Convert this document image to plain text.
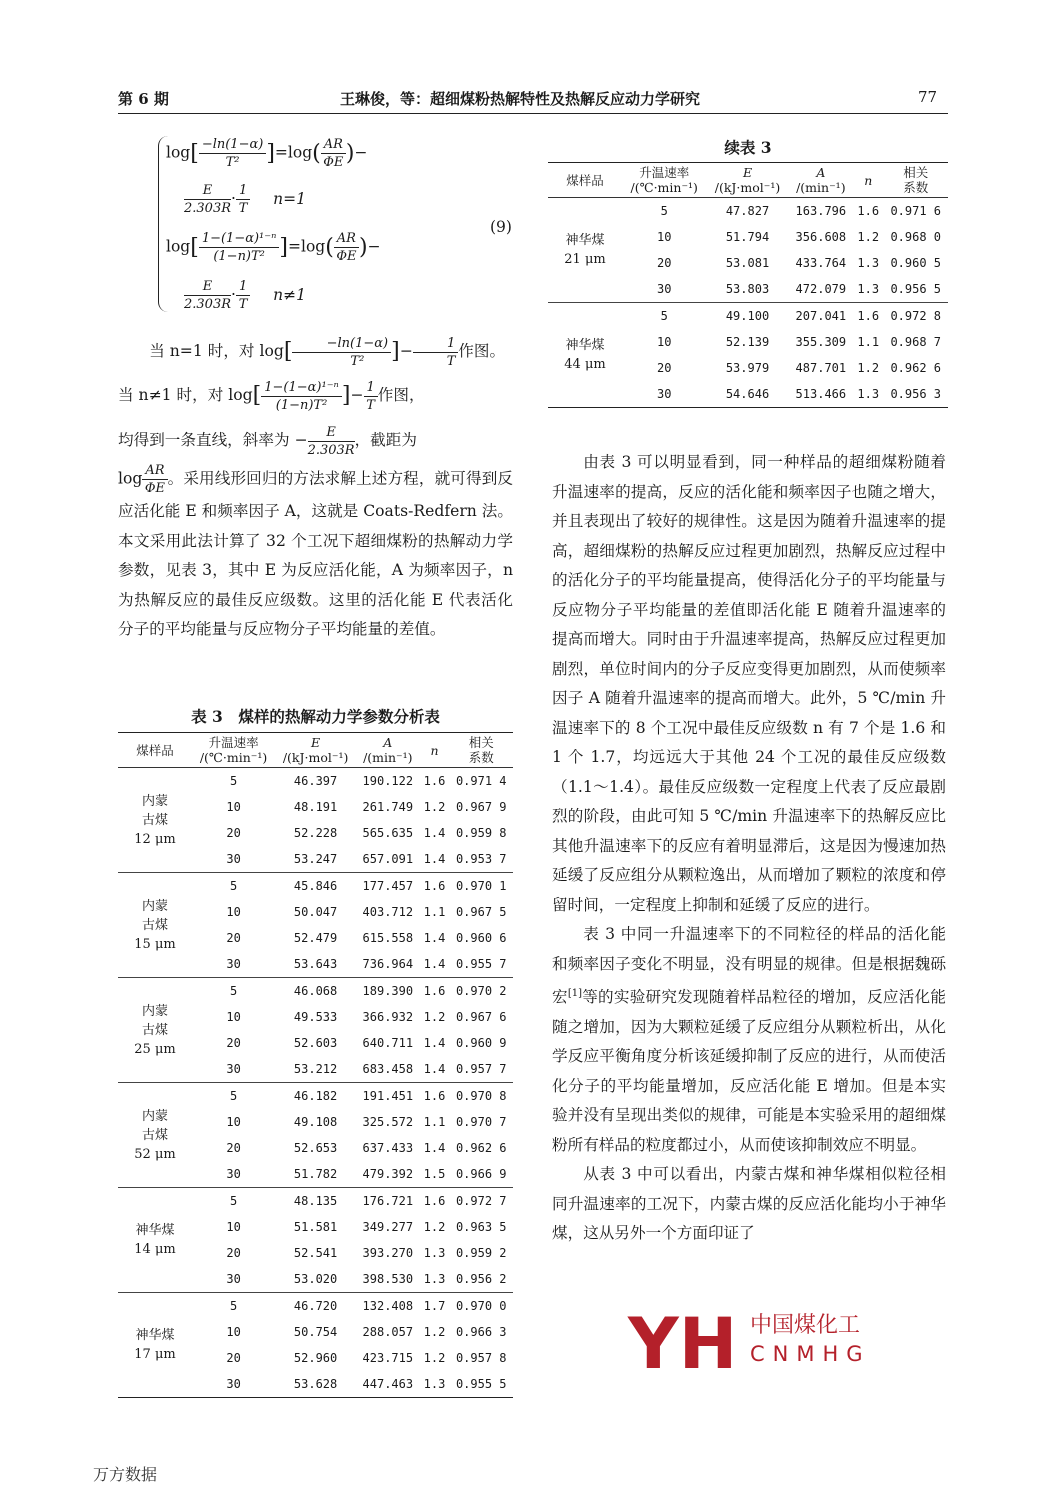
第 6 期	王琳俊，等：超细煤粉热解特性及热解反应动力学研究	77
$\log[ \frac{-\ln(1-\alpha)}{\text{T²}} ]=\log( \frac{AR}{\Phi E}$ )−
$\frac{E}{2.303R} \cdot \frac{1}{T} n=1$
(9)
$\log[ \frac{\text{1−(1−α)¹⁻ⁿ}}{\text{(1−n)T²}} ]=\log( \frac{AR}{\Phi E}$ )−
$\frac{E}{2.303R} \cdot \frac{1}{T} n\ne 1$

当 n=1 时，对 $\log[ \frac{-\ln(1-\alpha)}{\text{T²}}$ ]− $\frac{1}{T}$ 作图。

当 n≠1 时，对 $\log[ \frac{\text{1−(1−α)¹⁻ⁿ}}{\text{(1−n)T²}}$ ]− $\frac{1}{T}$ 作图，

均得到一条直线，斜率为 − $\frac{E}{2.303R}$ ，截距为

$\log \frac{AR}{\Phi E}$ 。采用线形回归的方法求解上述方程，就可得到反应活化能 E 和频率因子 A，这就是 Coats-Redfern 法。本文采用此法计算了 32 个工况下超细煤粉的热解动力学参数，见表 3，其中 E 为反应活化能，A 为频率因子，n 为热解反应的最佳反应级数。这里的活化能 E 代表活化分子的平均能量与反应物分子平均能量的差值。

表 3　煤样的热解动力学参数分析表
煤样品	升温速率
/(℃·min⁻¹)	E
/(kJ·mol⁻¹)	A
/(min⁻¹)	n	相关
系数
内蒙
古煤
12 μm	5	46.397	190.122	1.6	0.971 4
	10	48.191	261.749	1.2	0.967 9
	20	52.228	565.635	1.4	0.959 8
	30	53.247	657.091	1.4	0.953 7
内蒙
古煤
15 μm	5	45.846	177.457	1.6	0.970 1
	10	50.047	403.712	1.1	0.967 5
	20	52.479	615.558	1.4	0.960 6
	30	53.643	736.964	1.4	0.955 7
内蒙
古煤
25 μm	5	46.068	189.390	1.6	0.970 2
	10	49.533	366.932	1.2	0.967 6
	20	52.603	640.711	1.4	0.960 9
	30	53.212	683.458	1.4	0.957 7
内蒙
古煤
52 μm	5	46.182	191.451	1.6	0.970 8
	10	49.108	325.572	1.1	0.970 7
	20	52.653	637.433	1.4	0.962 6
	30	51.782	479.392	1.5	0.966 9
神华煤
14 μm	5	48.135	176.721	1.6	0.972 7
	10	51.581	349.277	1.2	0.963 5
	20	52.541	393.270	1.3	0.959 2
	30	53.020	398.530	1.3	0.956 2
神华煤
17 μm	5	46.720	132.408	1.7	0.970 0
	10	50.754	288.057	1.2	0.966 3
	20	52.960	423.715	1.2	0.957 8
	30	53.628	447.463	1.3	0.955 5
续表 3
煤样品	升温速率
/(℃·min⁻¹)	E
/(kJ·mol⁻¹)	A
/(min⁻¹)	n	相关
系数
神华煤
21 μm	5	47.827	163.796	1.6	0.971 6
	10	51.794	356.608	1.2	0.968 0
	20	53.081	433.764	1.3	0.960 5
	30	53.803	472.079	1.3	0.956 5
神华煤
44 μm	5	49.100	207.041	1.6	0.972 8
	10	52.139	355.309	1.1	0.968 7
	20	53.979	487.701	1.2	0.962 6
	30	54.646	513.466	1.3	0.956 3

由表 3 可以明显看到，同一种样品的超细煤粉随着升温速率的提高，反应的活化能和频率因子也随之增大，并且表现出了较好的规律性。这是因为随着升温速率的提高，超细煤粉的热解反应过程更加剧烈，热解反应过程中的活化分子的平均能量提高，使得活化分子的平均能量与反应物分子平均能量的差值即活化能 E 随着升温速率的提高而增大。同时由于升温速率提高，热解反应过程更加剧烈，单位时间内的分子反应变得更加剧烈，从而使频率因子 A 随着升温速率的提高而增大。此外，5 ℃/min 升温速率下的 8 个工况中最佳反应级数 n 有 7 个是 1.6 和 1 个 1.7，均远远大于其他 24 个工况的最佳反应级数（1.1～1.4）。最佳反应级数一定程度上代表了反应最剧烈的阶段，由此可知 5 ℃/min 升温速率下的热解反应比其他升温速率下的反应有着明显滞后，这是因为慢速加热延缓了反应组分从颗粒逸出，从而增加了颗粒的浓度和停留时间，一定程度上抑制和延缓了反应的进行。

表 3 中同一升温速率下的不同粒径的样品的活化能和频率因子变化不明显，没有明显的规律。但是根据魏砾宏[1]等的实验研究发现随着样品粒径的增加，反应活化能随之增加，因为大颗粒延缓了反应组分从颗粒析出，从化学反应平衡角度分析该延缓抑制了反应的进行，从而使活化分子的平均能量增加，反应活化能 E 增加。但是本实验并没有呈现出类似的规律，可能是本实验采用的超细煤粉所有样品的粒度都过小，从而使该抑制效应不明显。

从表 3 中可以看出，内蒙古煤和神华煤相似粒径相同升温速率的工况下，内蒙古煤的反应活化能均小于神华煤，这从另外一个方面印证了

YH 中国煤化工
CNMHG
万方数据
